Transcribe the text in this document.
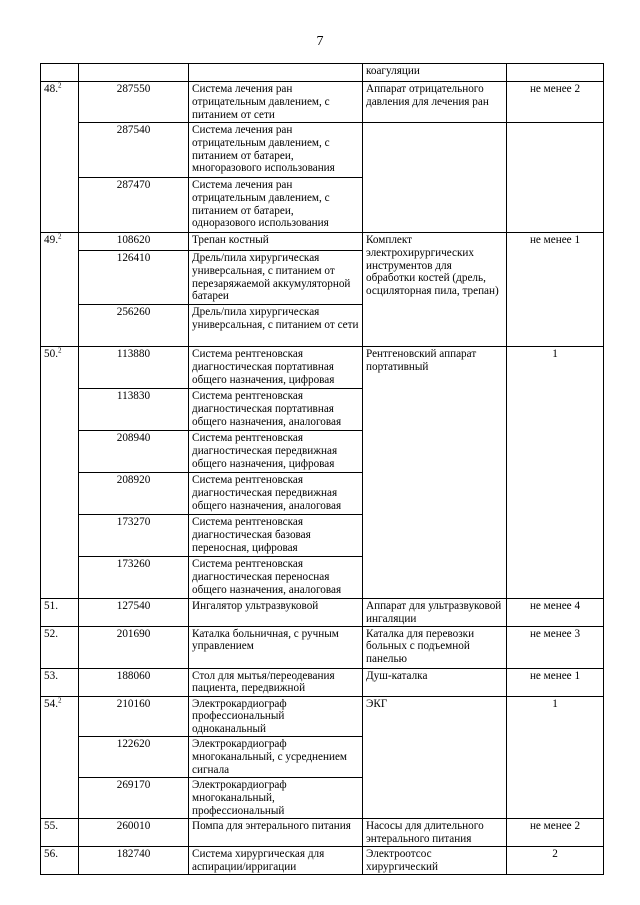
7
			коагуляции	
48.$^2$	287550	Система лечения ран отрицательным давлением, с питанием от сети	Аппарат отрицательного давления для лечения ран	не менее 2
	287540	Система лечения ран отрицательным давлением, с питанием от батареи, многоразового использования		
	287470	Система лечения ран отрицательным давлением, с питанием от батареи, одноразового использования		
49.$^2$	108620	Трепан костный	Комплект электрохирургических инструментов для обработки костей (дрель, осциляторная пила, трепан)	не менее 1
	126410	Дрель/пила хирургическая универсальная, с питанием от перезаряжаемой аккумуляторной батареи		
	256260	Дрель/пила хирургическая универсальная, с питанием от сети		
50.$^2$	113880	Система рентгеновская диагностическая портативная общего назначения, цифровая	Рентгеновский аппарат портативный	1
	113830	Система рентгеновская диагностическая портативная общего назначения, аналоговая		
	208940	Система рентгеновская диагностическая передвижная общего назначения, цифровая		
	208920	Система рентгеновская диагностическая передвижная общего назначения, аналоговая		
	173270	Система рентгеновская диагностическая базовая переносная, цифровая		
	173260	Система рентгеновская диагностическая переносная общего назначения, аналоговая		
51.	127540	Ингалятор ультразвуковой	Аппарат для ультразвуковой ингаляции	не менее 4
52.	201690	Каталка больничная, с ручным управлением	Каталка для перевозки больных с подъемной панелью	не менее 3
53.	188060	Стол для мытья/переодевания пациента, передвижной	Душ-каталка	не менее 1
54.$^2$	210160	Электрокардиограф профессиональный одноканальный	ЭКГ	1
	122620	Электрокардиограф многоканальный, с усреднением сигнала		
	269170	Электрокардиограф многоканальный, профессиональный		
55.	260010	Помпа для энтерального питания	Насосы для длительного энтерального питания	не менее 2
56.	182740	Система хирургическая для аспирации/ирригации	Электроотсос хирургический	2
